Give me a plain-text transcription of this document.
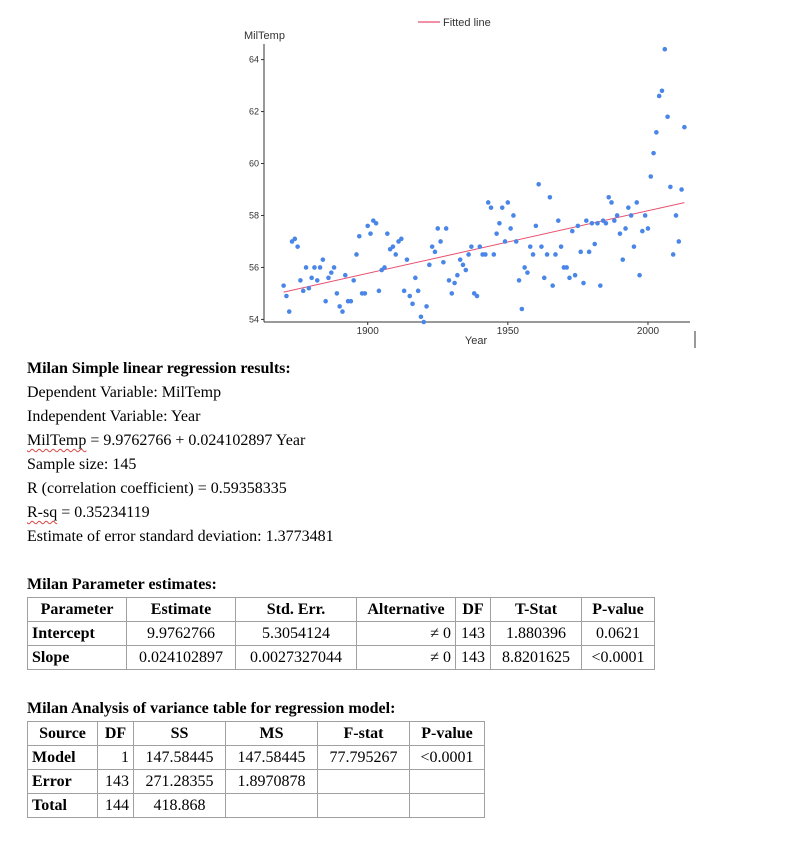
54
56
58
60
62
64
1900	1950	2000
MilTemp
Year
Fitted line
Milan Simple linear regression results:
Dependent Variable: MilTemp
Independent Variable: Year
MilTemp = 9.9762766 + 0.024102897 Year
Sample size: 145
R (correlation coefficient) = 0.59358335
R-sq = 0.35234119
Estimate of error standard deviation: 1.3773481
Milan Parameter estimates:
Parameter	Estimate	Std. Err.	Alternative	DF	T-Stat	P-value
Intercept	9.9762766	5.3054124	≠ 0	143	1.880396	0.0621
Slope	0.024102897	0.0027327044	≠ 0	143	8.8201625	<0.0001
Milan Analysis of variance table for regression model:
Source	DF	SS	MS	F-stat	P-value
Model	1	147.58445	147.58445	77.795267	<0.0001
Error	143	271.28355	1.8970878		
Total	144	418.868			
